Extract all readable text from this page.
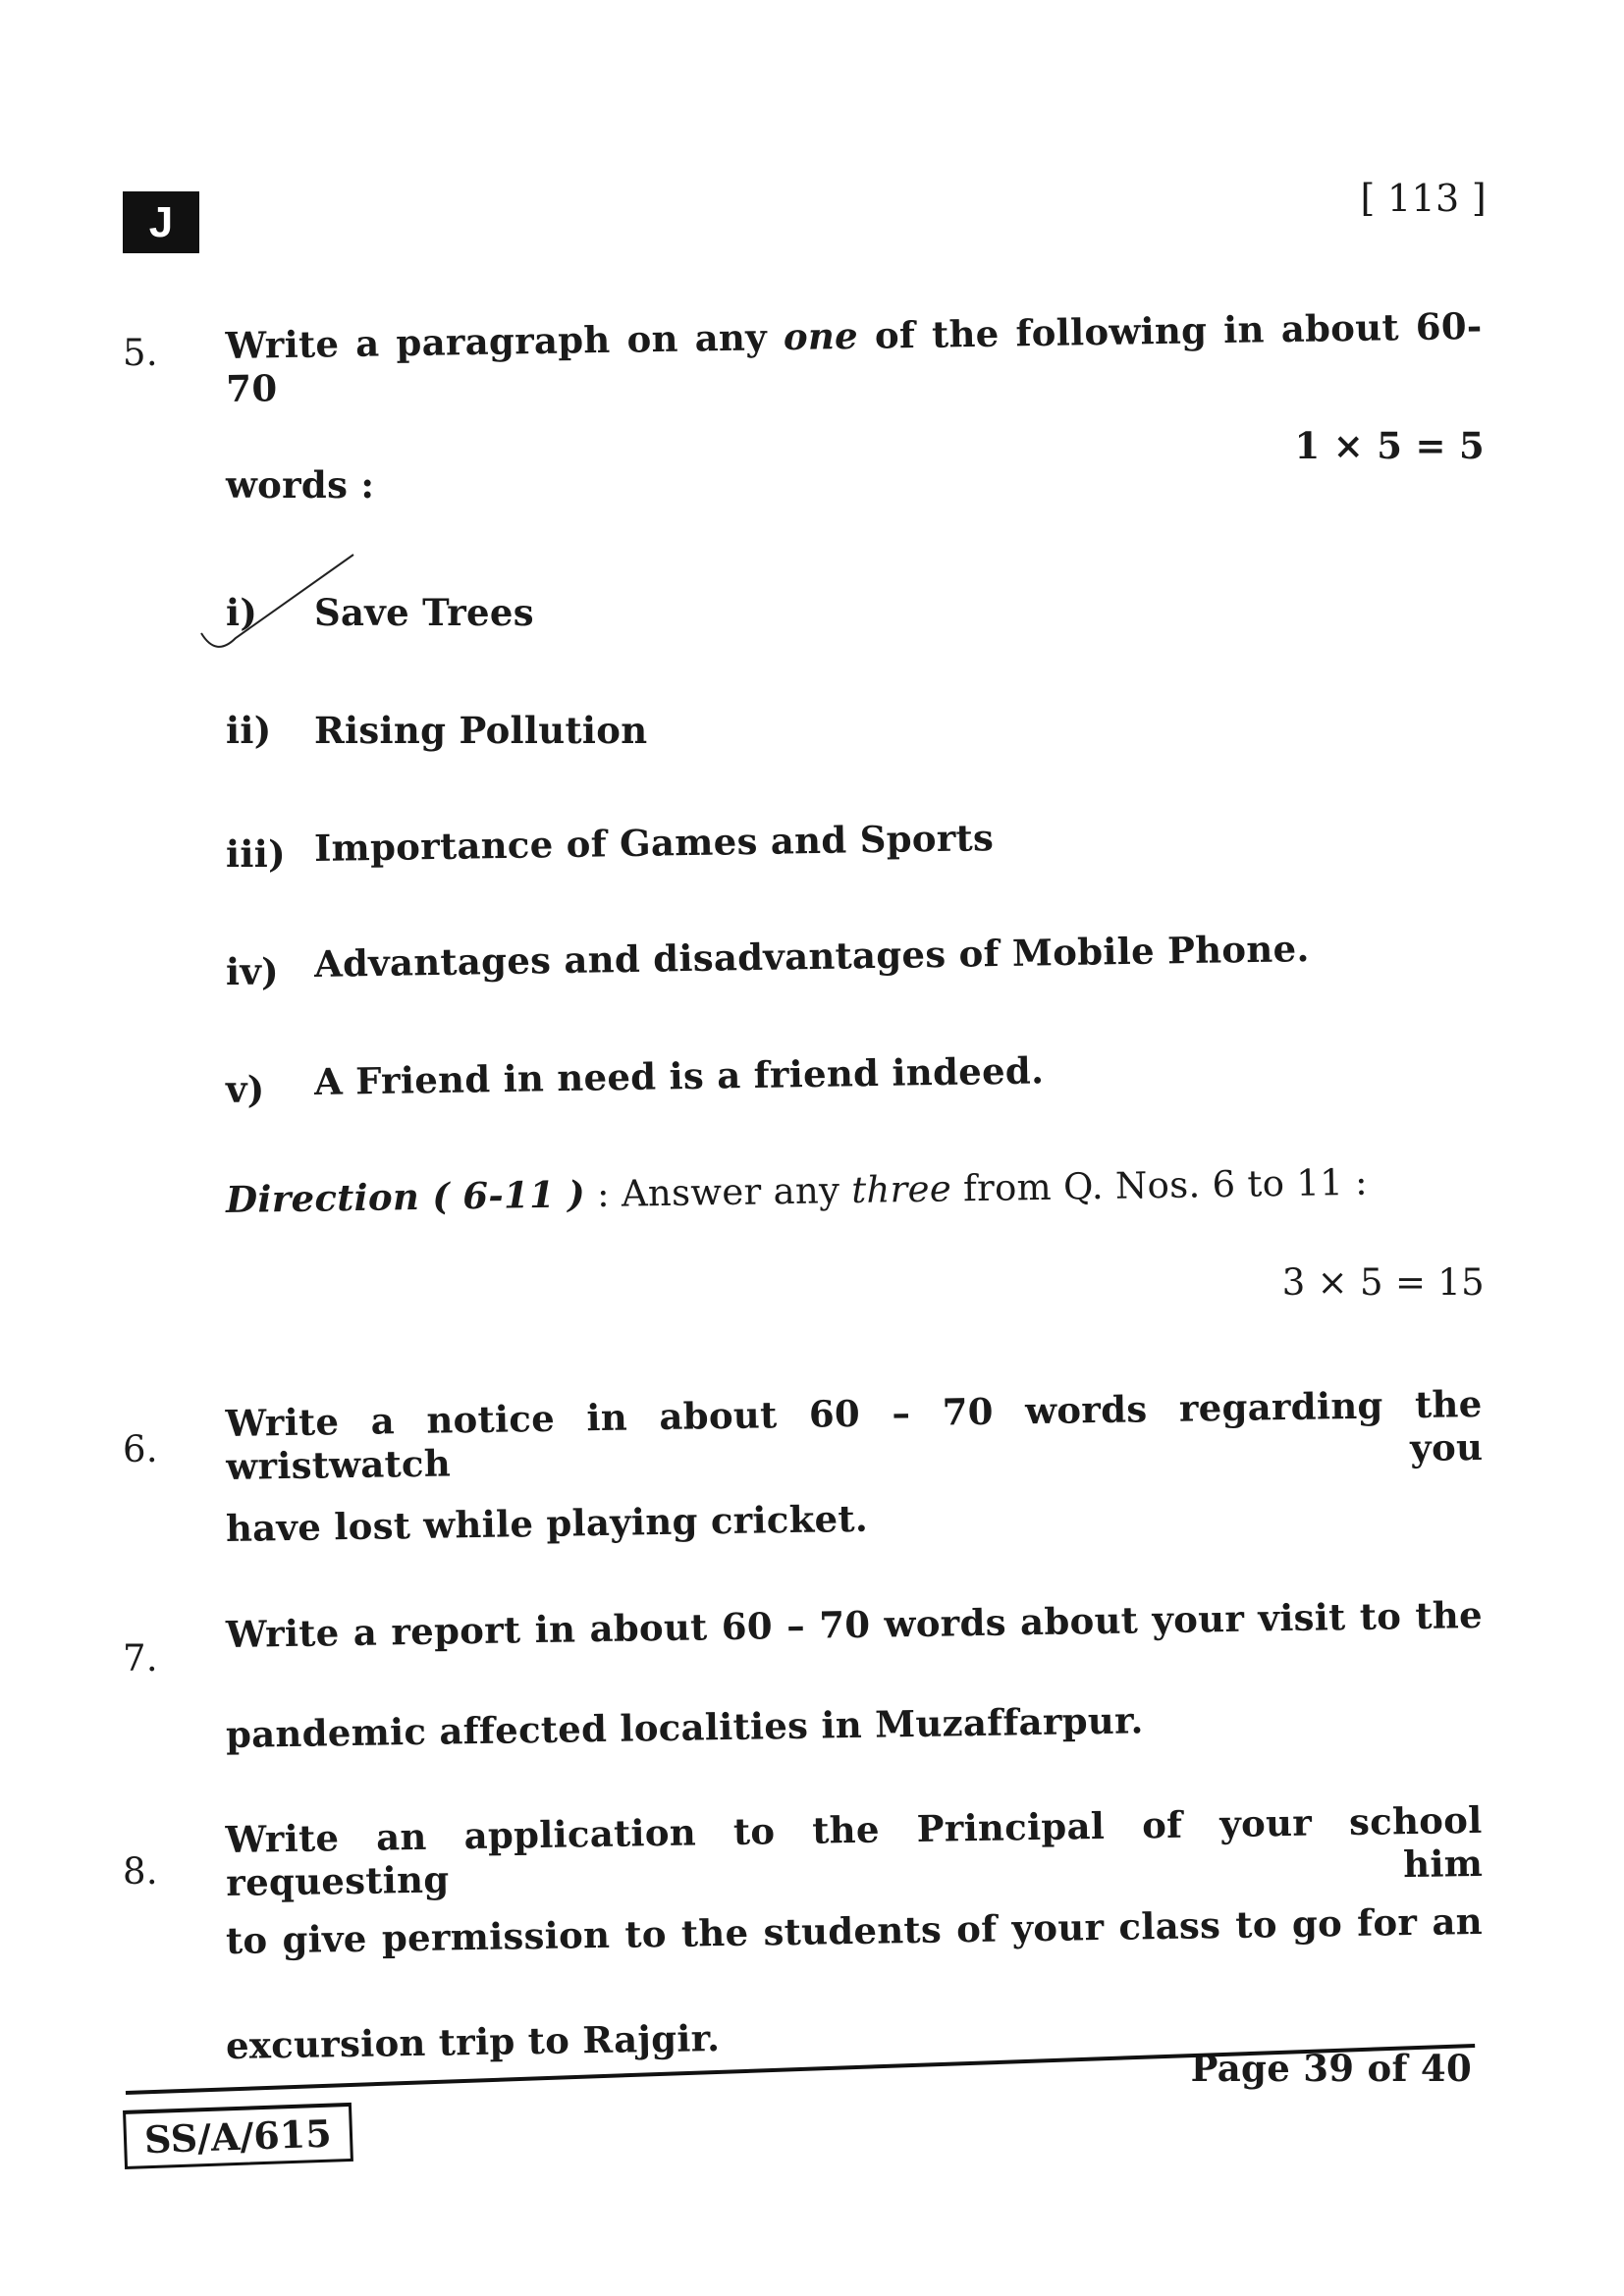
J	[ 113 ]
5. Write a paragraph on any one of the following in about 60-70
1 × 5 = 5
words :
i) Save Trees
ii) Rising Pollution
iii) Importance of Games and Sports
iv) Advantages and disadvantages of Mobile Phone.
v) A Friend in need is a friend indeed.
Direction ( 6-11 ) : Answer any three from Q. Nos. 6 to 11 :
3 × 5 = 15
6.
Write a notice in about 60 – 70 words regarding the wristwatch you
have lost while playing cricket.
7.
Write a report in about 60 – 70 words about your visit to the
pandemic affected localities in Muzaffarpur.
8.
Write an application to the Principal of your school requesting him
to give permission to the students of your class to go for an
excursion trip to Rajgir.
Page 39 of 40
SS/A/615
